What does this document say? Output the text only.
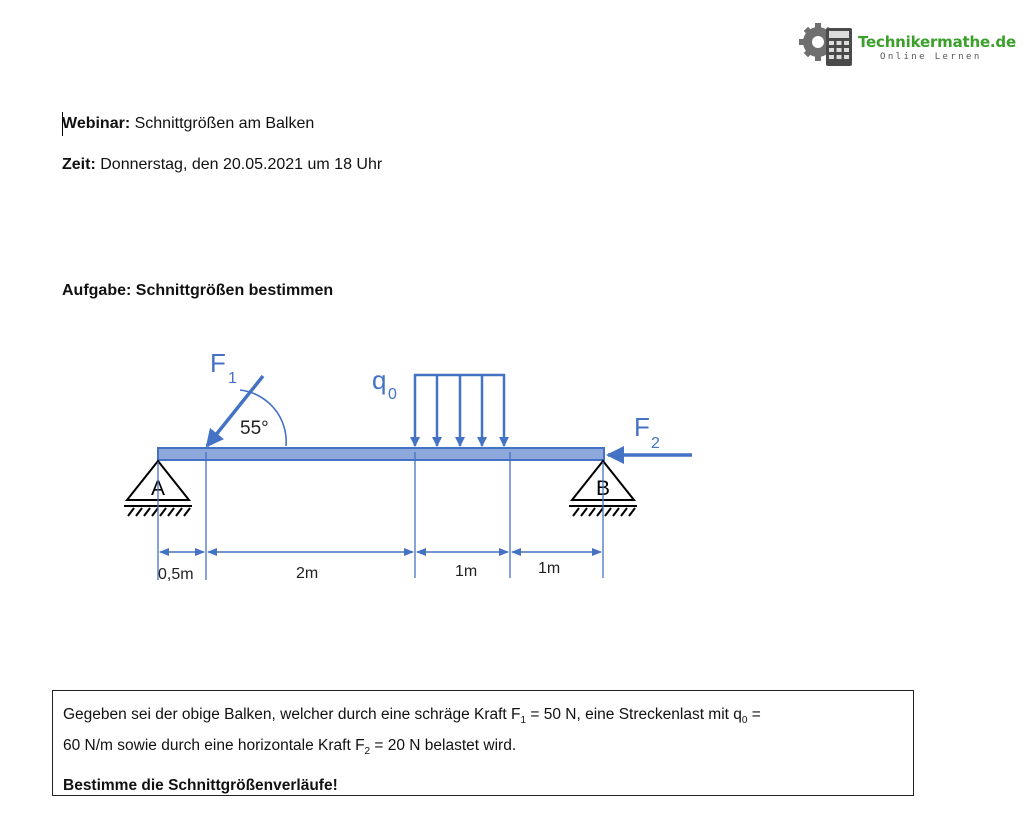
Technikermathe.de
Online Lernen
Webinar: Schnittgrößen am Balken
Zeit: Donnerstag, den 20.05.2021 um 18 Uhr
Aufgabe: Schnittgrößen bestimmen
A	B
55°
F
1	q 0
F
2
0,5m	2m	1m	1m

Gegeben sei der obige Balken, welcher durch eine schräge Kraft $F_1 = 50$ N, eine Streckenlast mit $q_0$ =
60 N/m sowie durch eine horizontale Kraft $F_2 = 20$ N belastet wird.

Bestimme die Schnittgrößenverläufe!
